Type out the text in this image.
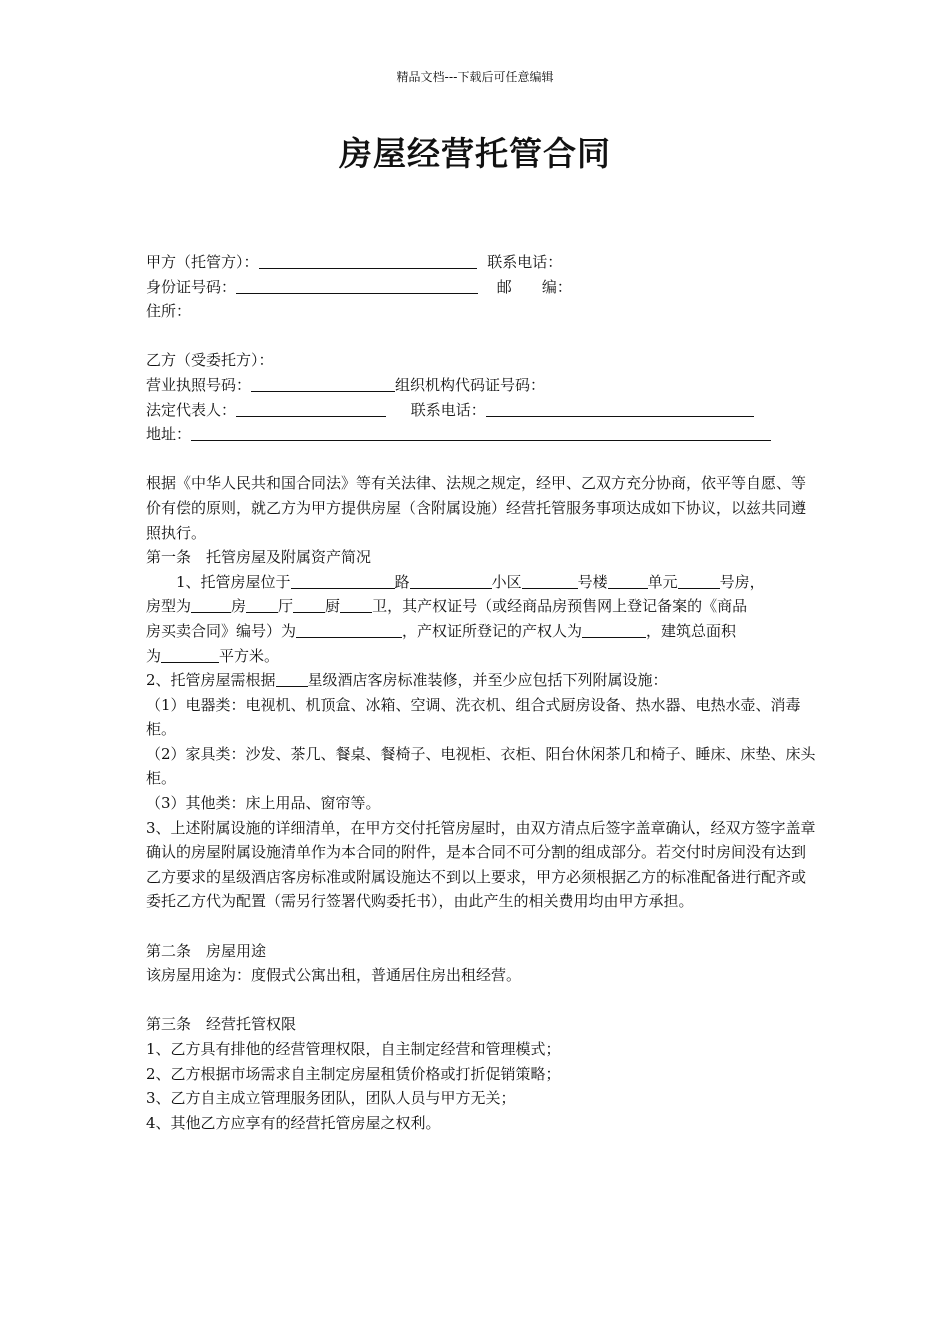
精品文档---下载后可任意编辑
房屋经营托管合同
甲方（托管方）：	联系电话：
身份证号码：	邮 编：
住所：
乙方（受委托方）：
营业执照号码：	组织机构代码证号码：
法定代表人：	联系电话：
地址：
根据《中华人民共和国合同法》等有关法律、法规之规定，经甲、乙双方充分协商，依平等自愿、等价有偿的原则，就乙方为甲方提供房屋（含附属设施）经营托管服务事项达成如下协议，以兹共同遵照执行。
第一条　托管房屋及附属资产简况
1、托管房屋位于	路	小区	号楼	单元	号房，
房型为	房 厅 厨 卫，其产权证号（或经商品房预售网上登记备案的《商品
房买卖合同》编号）为	，产权证所登记的产权人为	，建筑总面积
为	平方米。
2、托管房屋需根据 星级酒店客房标准装修，并至少应包括下列附属设施：
（1）电器类：电视机、机顶盒、冰箱、空调、洗衣机、组合式厨房设备、热水器、电热水壶、消毒柜。
（2）家具类：沙发、茶几、餐桌、餐椅子、电视柜、衣柜、阳台休闲茶几和椅子、睡床、床垫、床头柜。
（3）其他类：床上用品、窗帘等。
3、上述附属设施的详细清单，在甲方交付托管房屋时，由双方清点后签字盖章确认，经双方签字盖章确认的房屋附属设施清单作为本合同的附件，是本合同不可分割的组成部分。若交付时房间没有达到乙方要求的星级酒店客房标准或附属设施达不到以上要求，甲方必须根据乙方的标准配备进行配齐或委托乙方代为配置（需另行签署代购委托书），由此产生的相关费用均由甲方承担。
第二条　房屋用途
该房屋用途为：度假式公寓出租，普通居住房出租经营。
第三条　经营托管权限
1、乙方具有排他的经营管理权限，自主制定经营和管理模式；
2、乙方根据市场需求自主制定房屋租赁价格或打折促销策略；
3、乙方自主成立管理服务团队，团队人员与甲方无关；
4、其他乙方应享有的经营托管房屋之权利。
